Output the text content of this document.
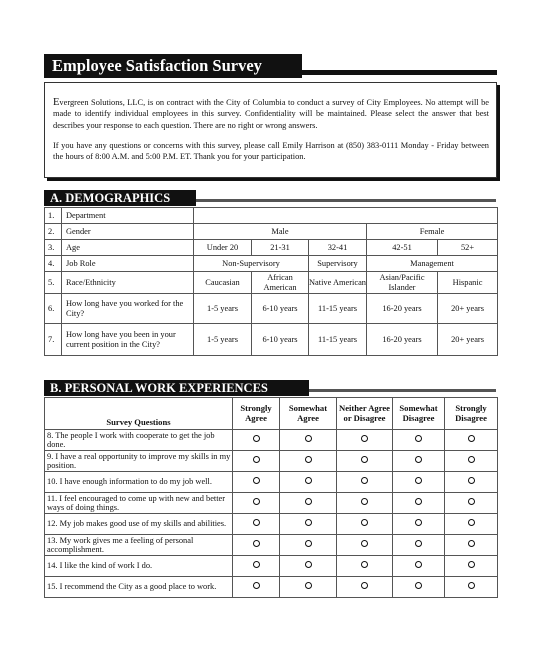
Employee Satisfaction Survey

Evergreen Solutions, LLC, is on contract with the City of Columbia to conduct a survey of City Employees. No attempt will be made to identify individual employees in this survey. Confidentiality will be maintained. Please select the answer that best describes your response to each question. There are no right or wrong answers.

If you have any questions or concerns with this survey, please call Emily Harrison at (850) 383-0111 Monday - Friday between the hours of 8:00 A.M. and 5:00 P.M. ET. Thank you for your participation.

A. DEMOGRAPHICS
1.	Department					
2.	Gender	Male			Female	
3.	Age	Under 20	21-31	32-41	42-51	52+
4.	Job Role	Non-Supervisory		Supervisory	Management	
5.	Race/Ethnicity	Caucasian	African American	Native American	Asian/Pacific Islander	Hispanic
6.	How long have you worked for the City?	1-5 years	6-10 years	11-15 years	16-20 years	20+ years
7.	How long have you been in your current position in the City?	1-5 years	6-10 years	11-15 years	16-20 years	20+ years
B. PERSONAL WORK EXPERIENCES
Survey Questions	Strongly Agree	Somewhat Agree	Neither Agree or Disagree	Somewhat Disagree	Strongly Disagree
8. The people I work with cooperate to get the job done.					
9. I have a real opportunity to improve my skills in my position.					
10. I have enough information to do my job well.					
11. I feel encouraged to come up with new and better ways of doing things.					
12. My job makes good use of my skills and abilities.					
13. My work gives me a feeling of personal accomplishment.					
14. I like the kind of work I do.					
15. I recommend the City as a good place to work.					
